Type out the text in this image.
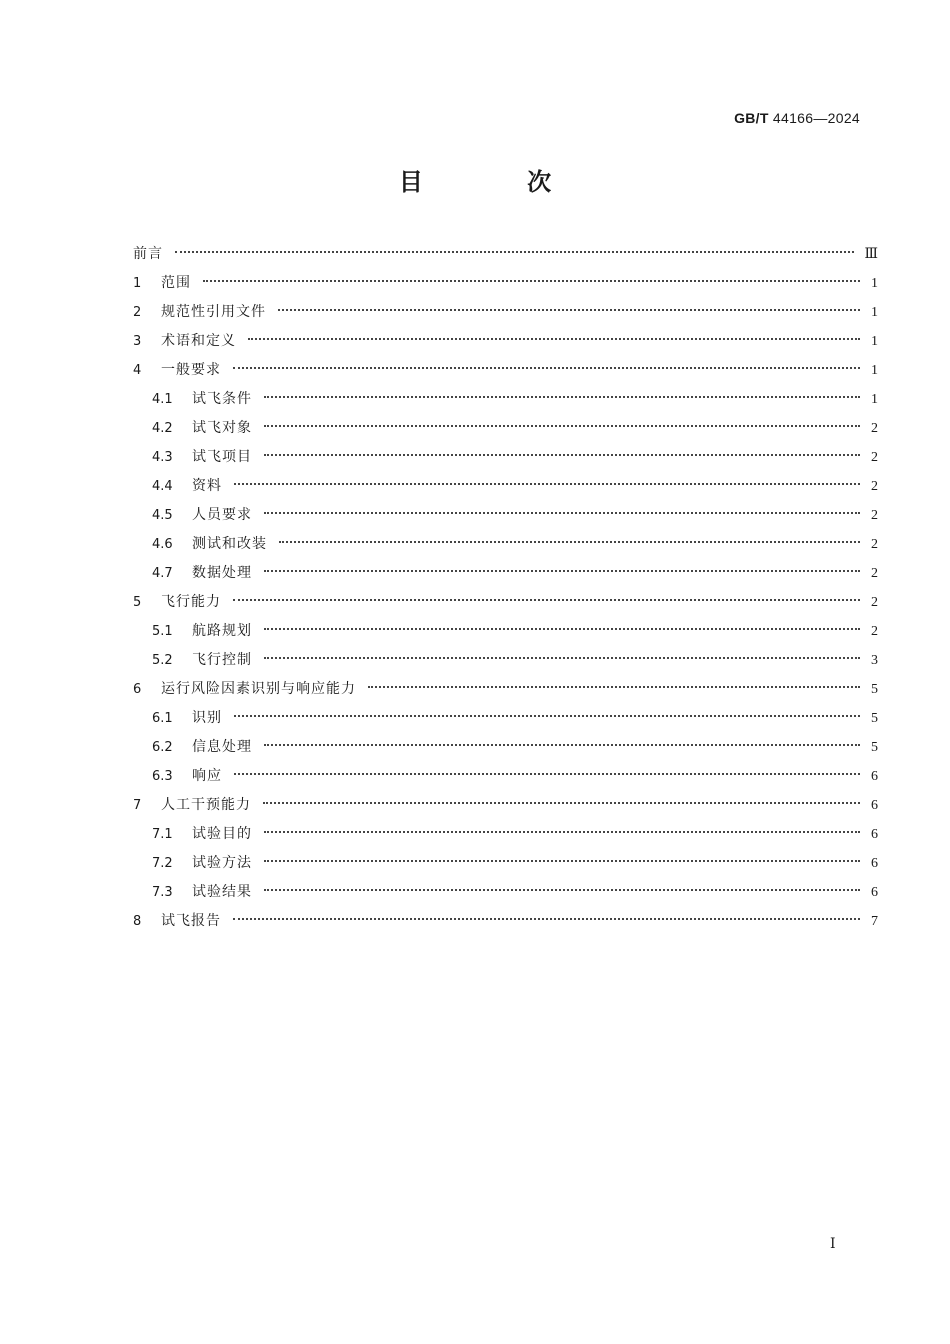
GB/T 44166—2024
目 次
前言	Ⅲ
1	范围	1
2	规范性引用文件	1
3	术语和定义	1
4	一般要求	1
4.1	试飞条件	1
4.2	试飞对象	2
4.3	试飞项目	2
4.4	资料	2
4.5	人员要求	2
4.6	测试和改装	2
4.7	数据处理	2
5	飞行能力	2
5.1	航路规划	2
5.2	飞行控制	3
6	运行风险因素识别与响应能力	5
6.1	识别	5
6.2	信息处理	5
6.3	响应	6
7	人工干预能力	6
7.1	试验目的	6
7.2	试验方法	6
7.3	试验结果	6
8	试飞报告	7
Ⅰ
